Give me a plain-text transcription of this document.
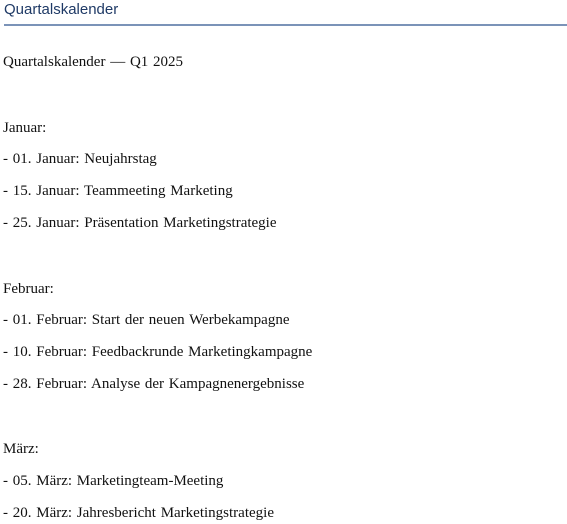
Quartalskalender
Quartalskalender — Q1 2025
Januar:
- 01. Januar: Neujahrstag
- 15. Januar: Teammeeting Marketing
- 25. Januar: Präsentation Marketingstrategie
Februar:
- 01. Februar: Start der neuen Werbekampagne
- 10. Februar: Feedbackrunde Marketingkampagne
- 28. Februar: Analyse der Kampagnenergebnisse
März:
- 05. März: Marketingteam-Meeting
- 20. März: Jahresbericht Marketingstrategie
